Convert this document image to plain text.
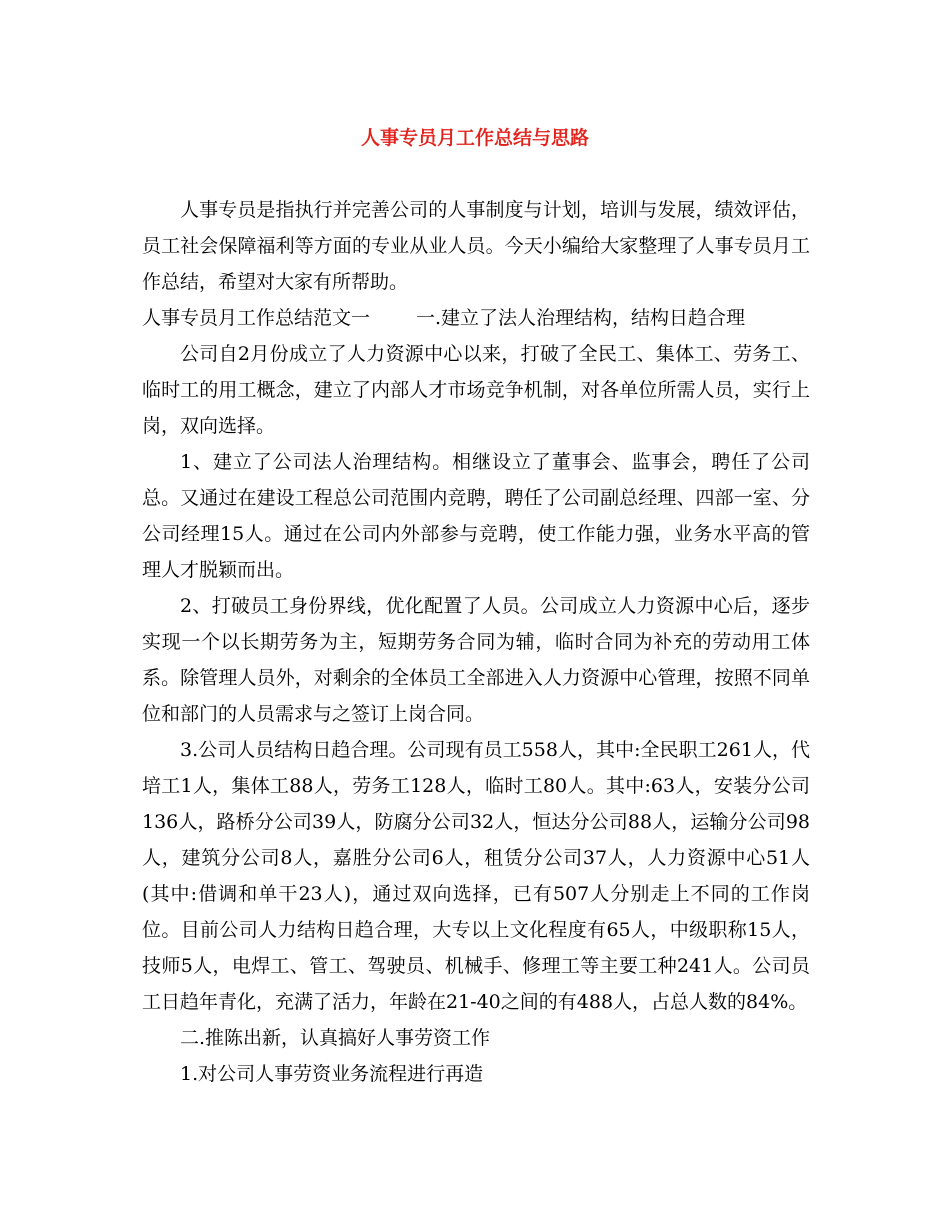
人事专员月工作总结与思路

人事专员是指执行并完善公司的人事制度与计划，培训与发展，绩效评估，员工社会保障福利等方面的专业从业人员。今天小编给大家整理了人事专员月工作总结，希望对大家有所帮助。

人事专员月工作总结范文一 一.建立了法人治理结构，结构日趋合理

公司自2月份成立了人力资源中心以来，打破了全民工、集体工、劳务工、临时工的用工概念，建立了内部人才市场竞争机制，对各单位所需人员，实行上岗，双向选择。

1、建立了公司法人治理结构。相继设立了董事会、监事会，聘任了公司总。又通过在建设工程总公司范围内竞聘，聘任了公司副总经理、四部一室、分公司经理15人。通过在公司内外部参与竞聘，使工作能力强，业务水平高的管理人才脱颖而出。

2、打破员工身份界线，优化配置了人员。公司成立人力资源中心后，逐步实现一个以长期劳务为主，短期劳务合同为辅，临时合同为补充的劳动用工体系。除管理人员外，对剩余的全体员工全部进入人力资源中心管理，按照不同单位和部门的人员需求与之签订上岗合同。

3.公司人员结构日趋合理。公司现有员工558人，其中:全民职工261人，代培工1人，集体工88人，劳务工128人，临时工80人。其中:63人，安装分公司136人，路桥分公司39人，防腐分公司32人，恒达分公司88人，运输分公司98人，建筑分公司8人，嘉胜分公司6人，租赁分公司37人，人力资源中心51人(其中:借调和单干23人)，通过双向选择，已有507人分别走上不同的工作岗位。目前公司人力结构日趋合理，大专以上文化程度有65人，中级职称15人，技师5人，电焊工、管工、驾驶员、机械手、修理工等主要工种241人。公司员工日趋年青化，充满了活力，年龄在21-40之间的有488人，占总人数的84%。

二.推陈出新，认真搞好人事劳资工作

1.对公司人事劳资业务流程进行再造
